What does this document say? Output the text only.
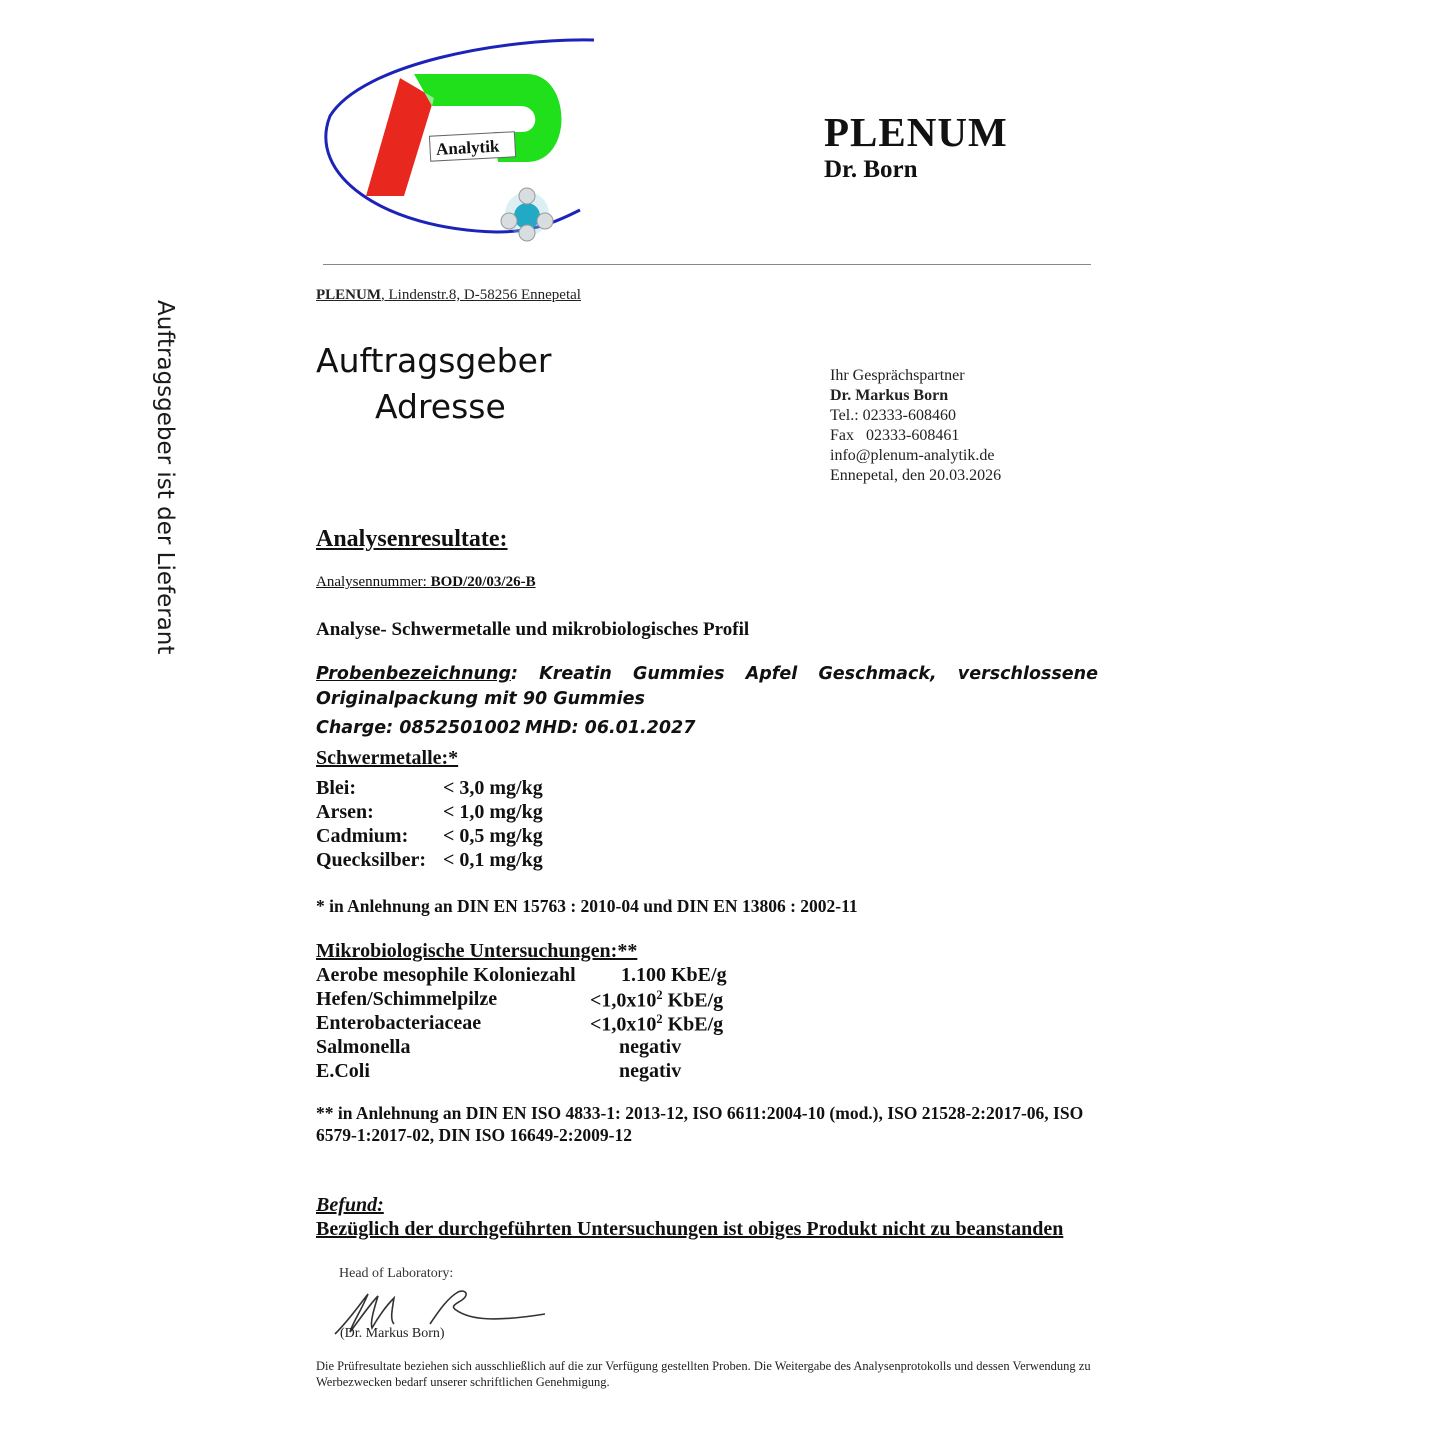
Auftragsgeber ist der Lieferant
Analytik	PLENUM
Dr. Born
PLENUM, Lindenstr.8, D-58256 Ennepetal
Auftragsgeber
Adresse
Ihr Gesprächspartner
Dr. Markus Born
Tel.: 02333-608460
Fax   02333-608461
info@plenum-analytik.de
Ennepetal, den 20.03.2026
Analysenresultate:
Analysennummer: BOD/20/03/26-B
Analyse- Schwermetalle und mikrobiologisches Profil
Probenbezeichnung: Kreatin Gummies Apfel Geschmack, verschlossene Originalpackung mit 90 Gummies
Charge: 0852501002 MHD: 06.01.2027
Schwermetalle:*
Blei:	< 3,0 mg/kg
Arsen:	< 1,0 mg/kg
Cadmium: < 0,5 mg/kg
Quecksilber: < 0,1 mg/kg
* in Anlehnung an DIN EN 15763 : 2010-04 und DIN EN 13806 : 2002-11
Mikrobiologische Untersuchungen:**
Aerobe mesophile Koloniezahl 1.100 KbE/g
Hefen/Schimmelpilze	$<1,0x10^2$ KbE/g
Enterobacteriaceae	$<1,0x10^2$ KbE/g
Salmonella	negativ
E.Coli	negativ
** in Anlehnung an DIN EN ISO 4833-1: 2013-12, ISO 6611:2004-10 (mod.), ISO 21528-2:2017-06, ISO 6579-1:2017-02, DIN ISO 16649-2:2009-12
Befund:
Bezüglich der durchgeführten Untersuchungen ist obiges Produkt nicht zu beanstanden
Head of Laboratory:
(Dr. Markus Born)
Die Prüfresultate beziehen sich ausschließlich auf die zur Verfügung gestellten Proben. Die Weitergabe des Analysenprotokolls und dessen Verwendung zu Werbezwecken bedarf unserer schriftlichen Genehmigung.
